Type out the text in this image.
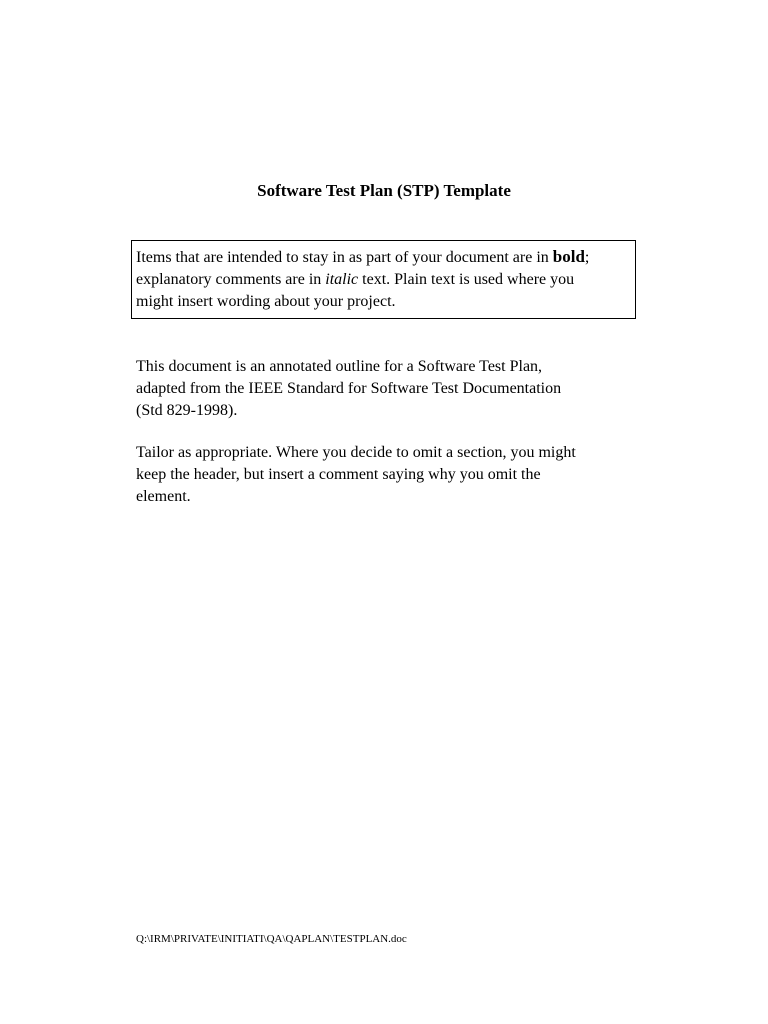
Software Test Plan (STP) Template
Items that are intended to stay in as part of your document are in bold;
explanatory comments are in italic text. Plain text is used where you
might insert wording about your project.
This document is an annotated outline for a Software Test Plan,
adapted from the IEEE Standard for Software Test Documentation
(Std 829-1998).
Tailor as appropriate. Where you decide to omit a section, you might
keep the header, but insert a comment saying why you omit the
element.
Q:\IRM\PRIVATE\INITIATI\QA\QAPLAN\TESTPLAN.doc
